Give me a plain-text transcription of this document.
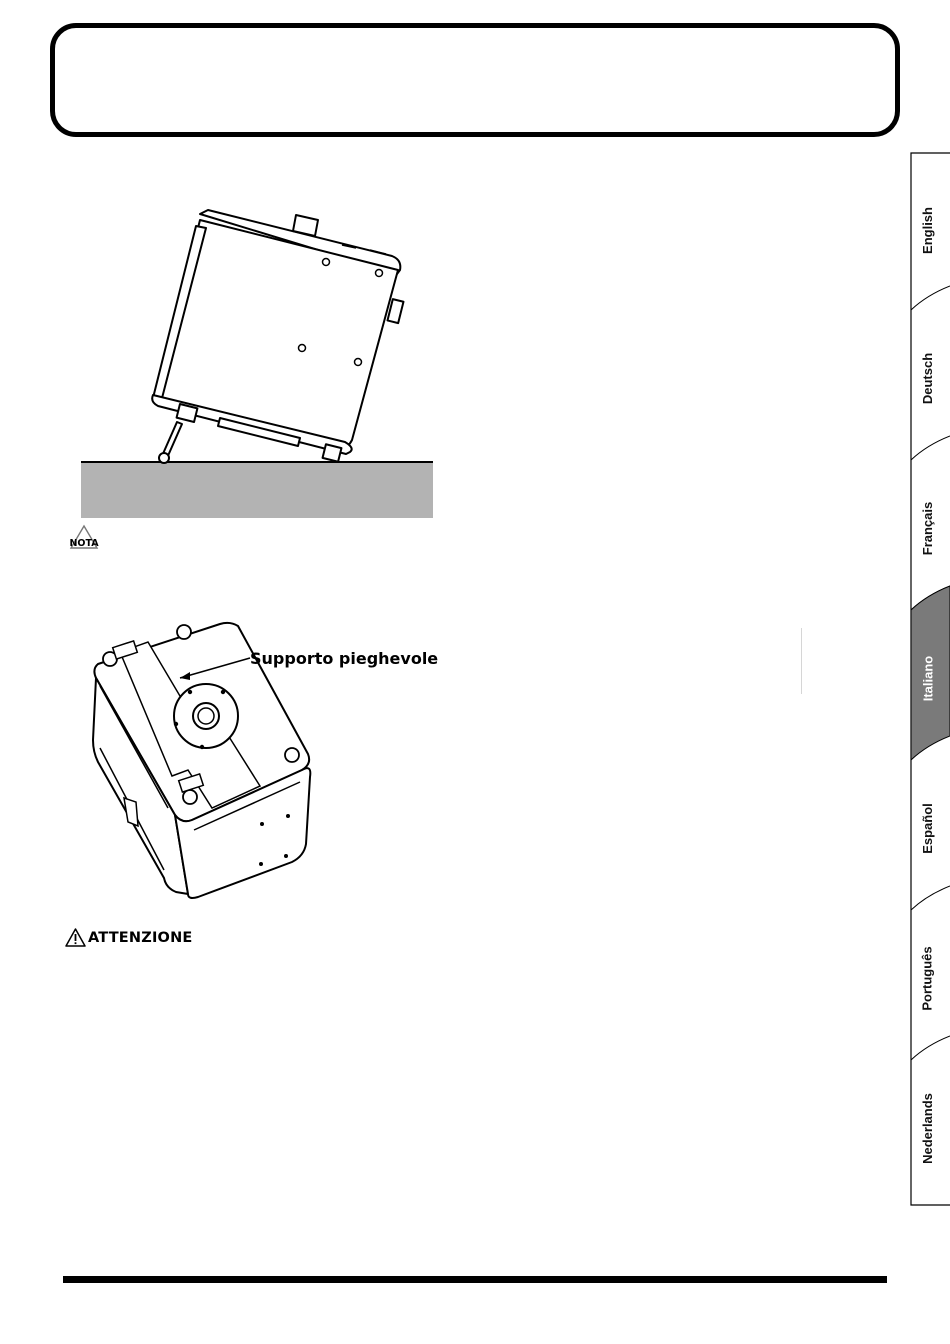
NOTA
Supporto pieghevole
ATTENZIONE
English
Deutsch
Français
Italiano
Español
Português
Nederlands
